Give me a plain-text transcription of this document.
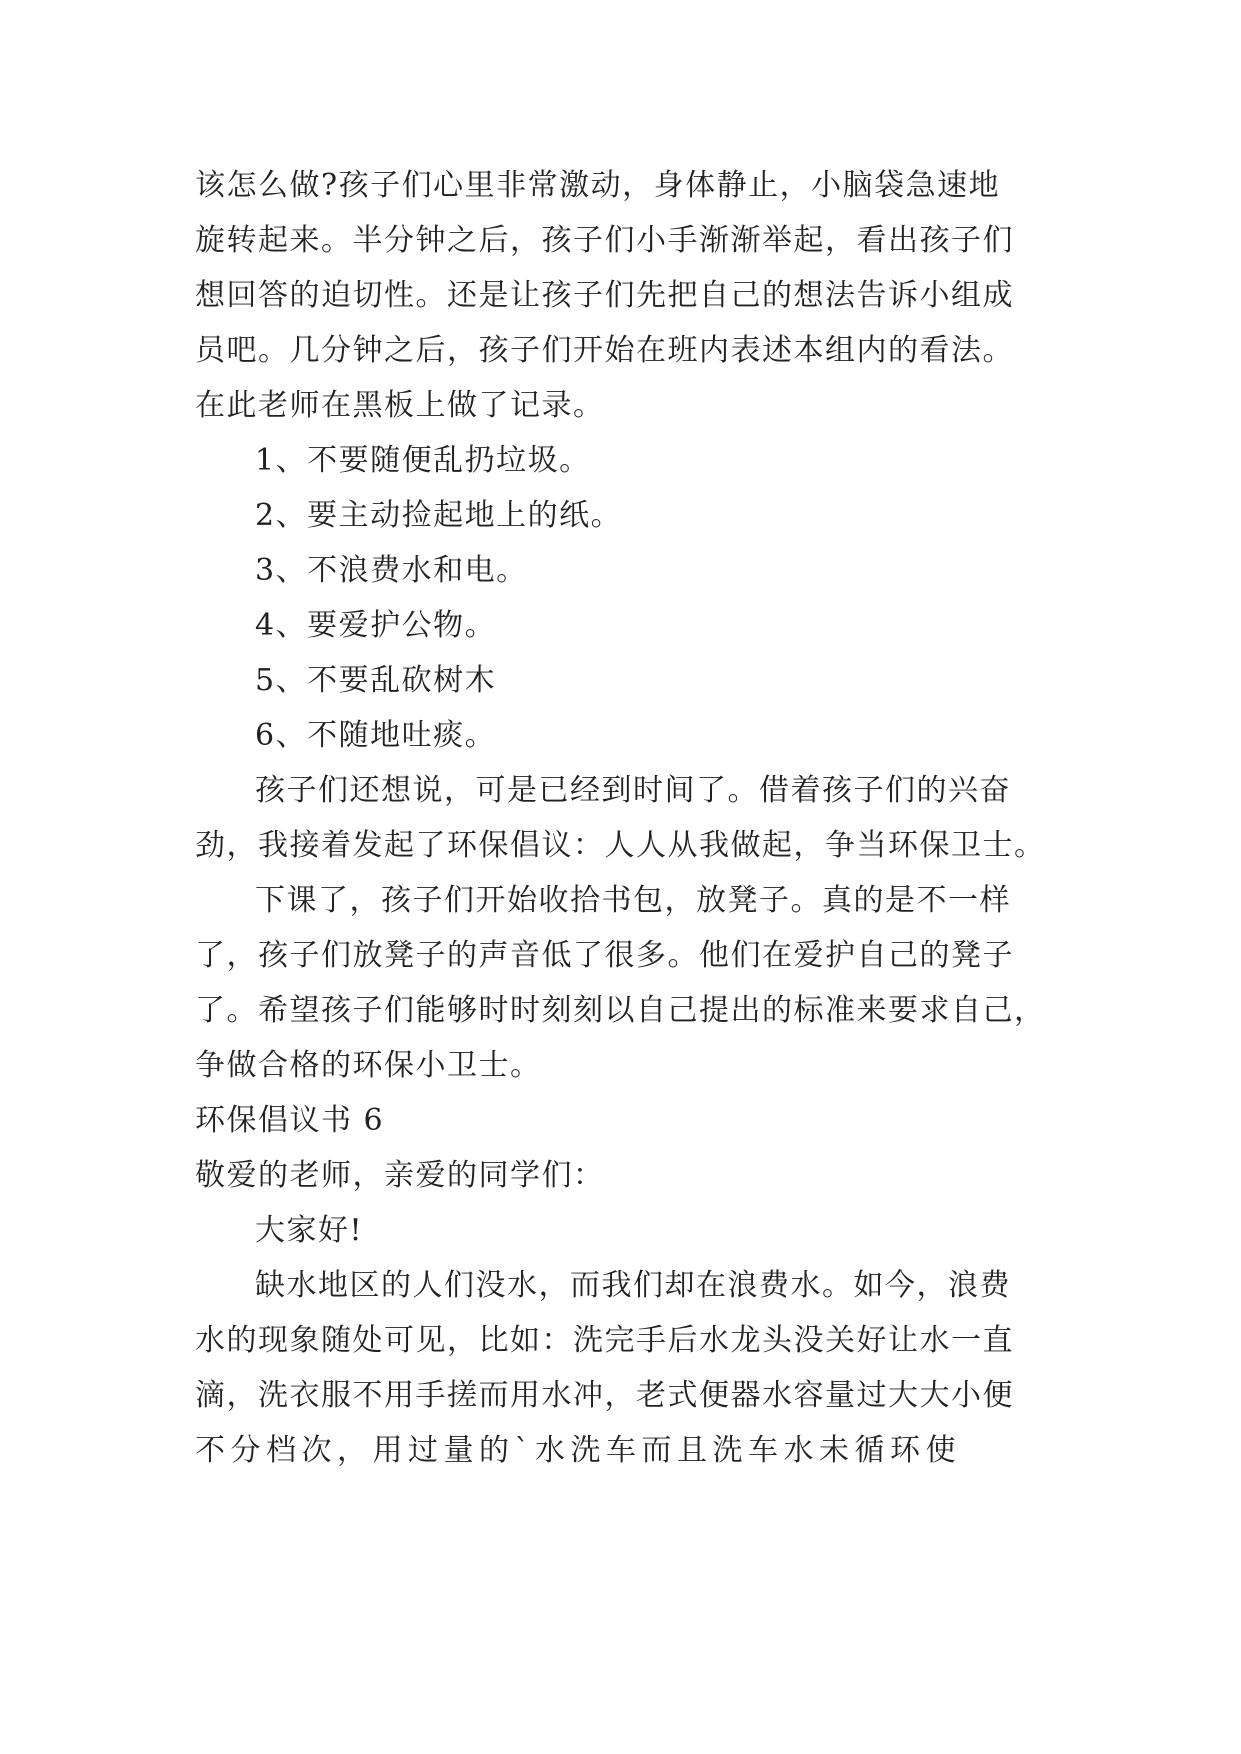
该怎么做?孩子们心里非常激动，身体静止，小脑袋急速地
旋转起来。半分钟之后，孩子们小手渐渐举起，看出孩子们
想回答的迫切性。还是让孩子们先把自己的想法告诉小组成
员吧。几分钟之后，孩子们开始在班内表述本组内的看法。
在此老师在黑板上做了记录。
1、不要随便乱扔垃圾。
2、要主动捡起地上的纸。
3、不浪费水和电。
4、要爱护公物。
5、不要乱砍树木
6、不随地吐痰。
孩子们还想说，可是已经到时间了。借着孩子们的兴奋
劲，我接着发起了环保倡议：人人从我做起，争当环保卫士。
下课了，孩子们开始收拾书包，放凳子。真的是不一样
了，孩子们放凳子的声音低了很多。他们在爱护自己的凳子
了。希望孩子们能够时时刻刻以自己提出的标准来要求自己，
争做合格的环保小卫士。
环保倡议书 6
敬爱的老师，亲爱的同学们：
大家好!
缺水地区的人们没水，而我们却在浪费水。如今，浪费
水的现象随处可见，比如：洗完手后水龙头没关好让水一直
滴，洗衣服不用手搓而用水冲，老式便器水容量过大大小便
不分档次，用过量的`水洗车而且洗车水未循环使
